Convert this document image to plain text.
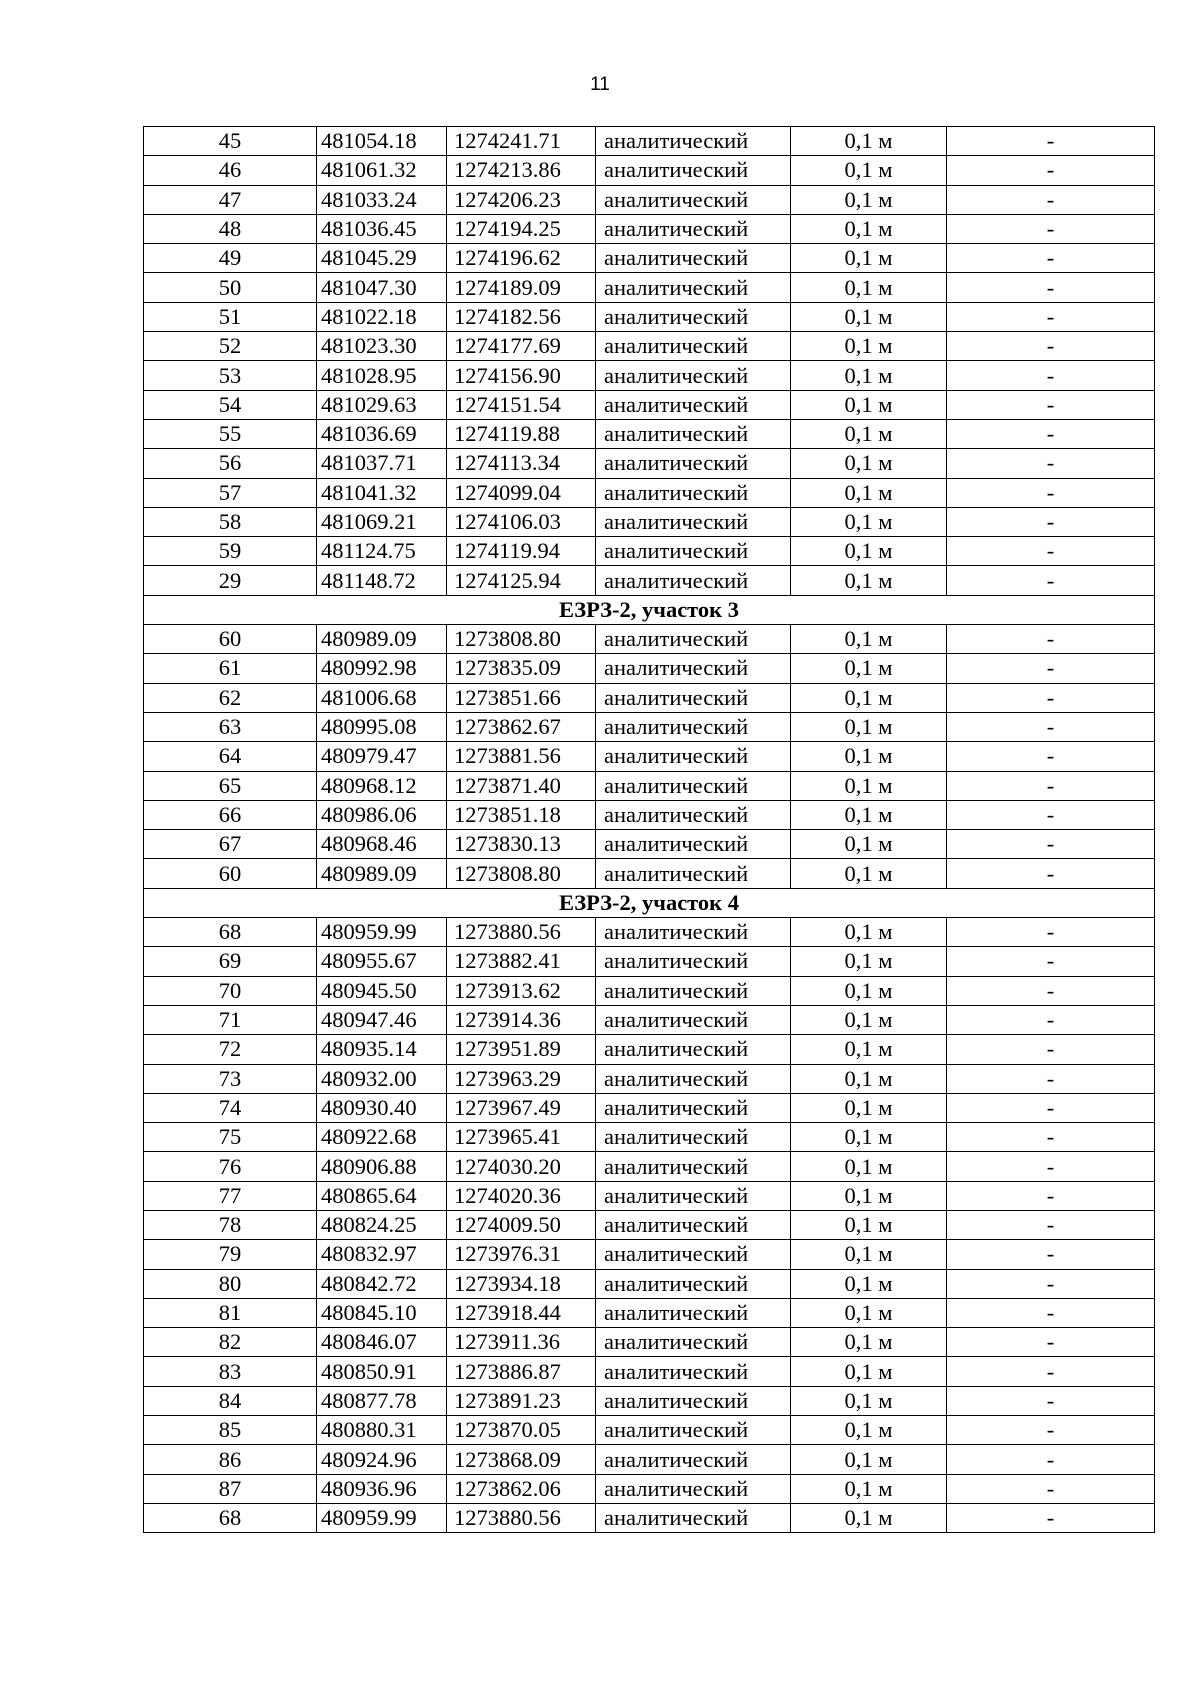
11
45	481054.18	1274241.71	аналитический	0,1 м	-
46	481061.32	1274213.86	аналитический	0,1 м	-
47	481033.24	1274206.23	аналитический	0,1 м	-
48	481036.45	1274194.25	аналитический	0,1 м	-
49	481045.29	1274196.62	аналитический	0,1 м	-
50	481047.30	1274189.09	аналитический	0,1 м	-
51	481022.18	1274182.56	аналитический	0,1 м	-
52	481023.30	1274177.69	аналитический	0,1 м	-
53	481028.95	1274156.90	аналитический	0,1 м	-
54	481029.63	1274151.54	аналитический	0,1 м	-
55	481036.69	1274119.88	аналитический	0,1 м	-
56	481037.71	1274113.34	аналитический	0,1 м	-
57	481041.32	1274099.04	аналитический	0,1 м	-
58	481069.21	1274106.03	аналитический	0,1 м	-
59	481124.75	1274119.94	аналитический	0,1 м	-
29	481148.72	1274125.94	аналитический	0,1 м	-
ЕЗРЗ-2, участок 3					
60	480989.09	1273808.80	аналитический	0,1 м	-
61	480992.98	1273835.09	аналитический	0,1 м	-
62	481006.68	1273851.66	аналитический	0,1 м	-
63	480995.08	1273862.67	аналитический	0,1 м	-
64	480979.47	1273881.56	аналитический	0,1 м	-
65	480968.12	1273871.40	аналитический	0,1 м	-
66	480986.06	1273851.18	аналитический	0,1 м	-
67	480968.46	1273830.13	аналитический	0,1 м	-
60	480989.09	1273808.80	аналитический	0,1 м	-
ЕЗРЗ-2, участок 4					
68	480959.99	1273880.56	аналитический	0,1 м	-
69	480955.67	1273882.41	аналитический	0,1 м	-
70	480945.50	1273913.62	аналитический	0,1 м	-
71	480947.46	1273914.36	аналитический	0,1 м	-
72	480935.14	1273951.89	аналитический	0,1 м	-
73	480932.00	1273963.29	аналитический	0,1 м	-
74	480930.40	1273967.49	аналитический	0,1 м	-
75	480922.68	1273965.41	аналитический	0,1 м	-
76	480906.88	1274030.20	аналитический	0,1 м	-
77	480865.64	1274020.36	аналитический	0,1 м	-
78	480824.25	1274009.50	аналитический	0,1 м	-
79	480832.97	1273976.31	аналитический	0,1 м	-
80	480842.72	1273934.18	аналитический	0,1 м	-
81	480845.10	1273918.44	аналитический	0,1 м	-
82	480846.07	1273911.36	аналитический	0,1 м	-
83	480850.91	1273886.87	аналитический	0,1 м	-
84	480877.78	1273891.23	аналитический	0,1 м	-
85	480880.31	1273870.05	аналитический	0,1 м	-
86	480924.96	1273868.09	аналитический	0,1 м	-
87	480936.96	1273862.06	аналитический	0,1 м	-
68	480959.99	1273880.56	аналитический	0,1 м	-
